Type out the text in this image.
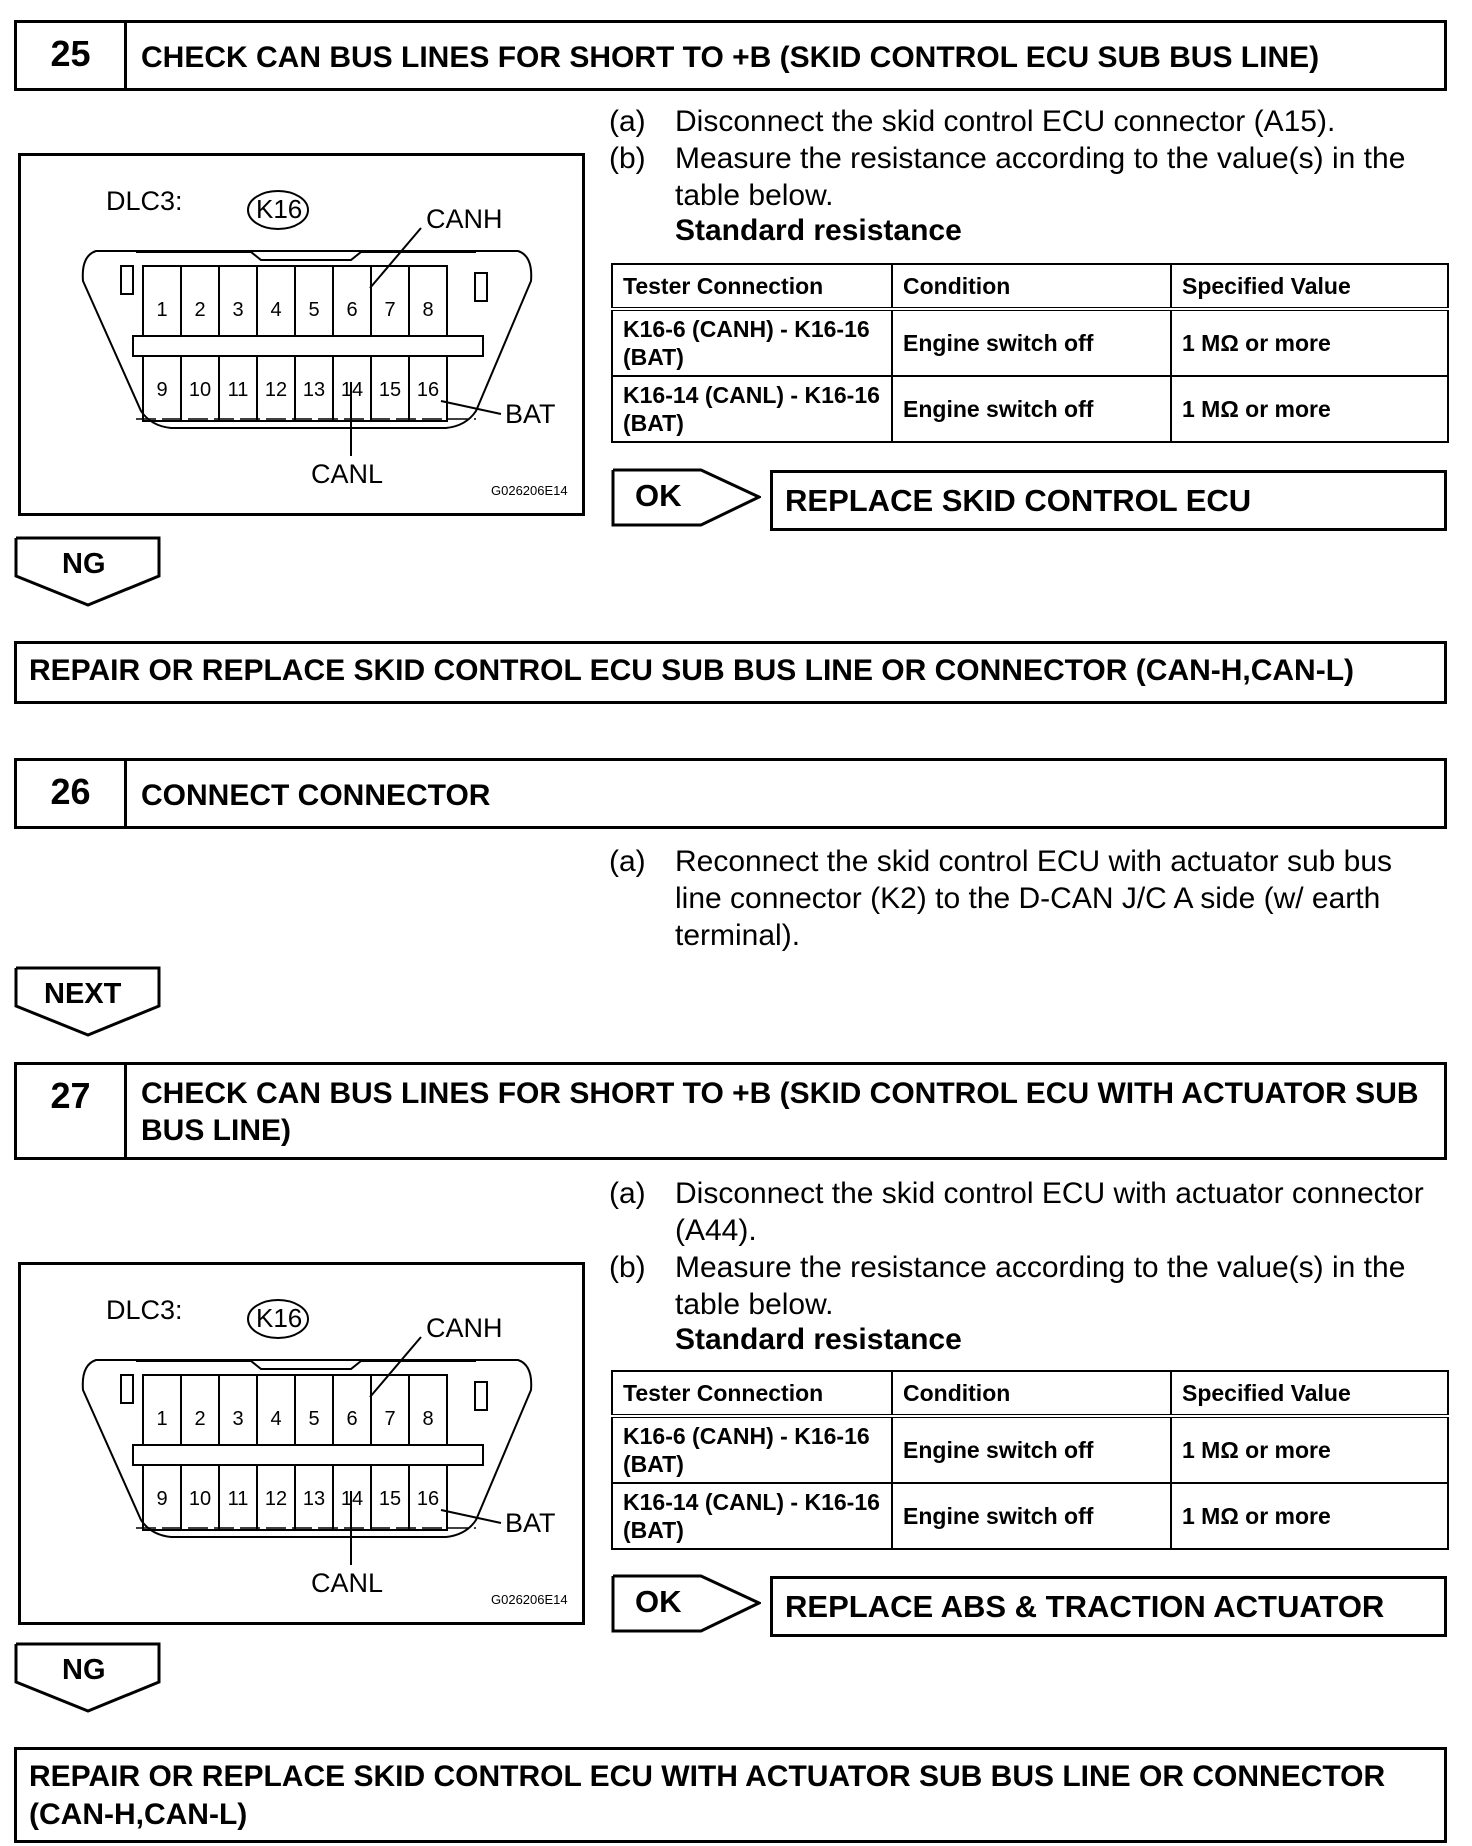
25	CHECK CAN BUS LINES FOR SHORT TO +B (SKID CONTROL ECU SUB BUS LINE)
(a) Disconnect the skid control ECU connector (A15).
(b) Measure the resistance according to the value(s) in the table below.
Standard resistance
Tester Connection	Condition	Specified Value
K16-6 (CANH) - K16-16 (BAT)	Engine switch off	1 MΩ or more
K16-14 (CANL) - K16-16 (BAT)	Engine switch off	1 MΩ or more
OK	REPLACE SKID CONTROL ECU
DLC3:	K16	CANH
BAT
CANL
G026206E14
1 2 3 4 5 6 7 8
9 10 11 12 13 14 15 16
NG
REPAIR OR REPLACE SKID CONTROL ECU SUB BUS LINE OR CONNECTOR (CAN-H,CAN-L)
26	CONNECT CONNECTOR
(a) Reconnect the skid control ECU with actuator sub bus line connector (K2) to the D-CAN J/C A side (w/ earth terminal).
NEXT
27	CHECK CAN BUS LINES FOR SHORT TO +B (SKID CONTROL ECU WITH ACTUATOR SUB BUS LINE)
(a) Disconnect the skid control ECU with actuator connector (A44).
(b) Measure the resistance according to the value(s) in the table below.
Standard resistance
Tester Connection	Condition	Specified Value
K16-6 (CANH) - K16-16 (BAT)	Engine switch off	1 MΩ or more
K16-14 (CANL) - K16-16 (BAT)	Engine switch off	1 MΩ or more
OK	REPLACE ABS & TRACTION ACTUATOR
DLC3:	K16	CANH
BAT
CANL
G026206E14
1 2 3 4 5 6 7 8
9 10 11 12 13 14 15 16
NG
REPAIR OR REPLACE SKID CONTROL ECU WITH ACTUATOR SUB BUS LINE OR CONNECTOR (CAN-H,CAN-L)
